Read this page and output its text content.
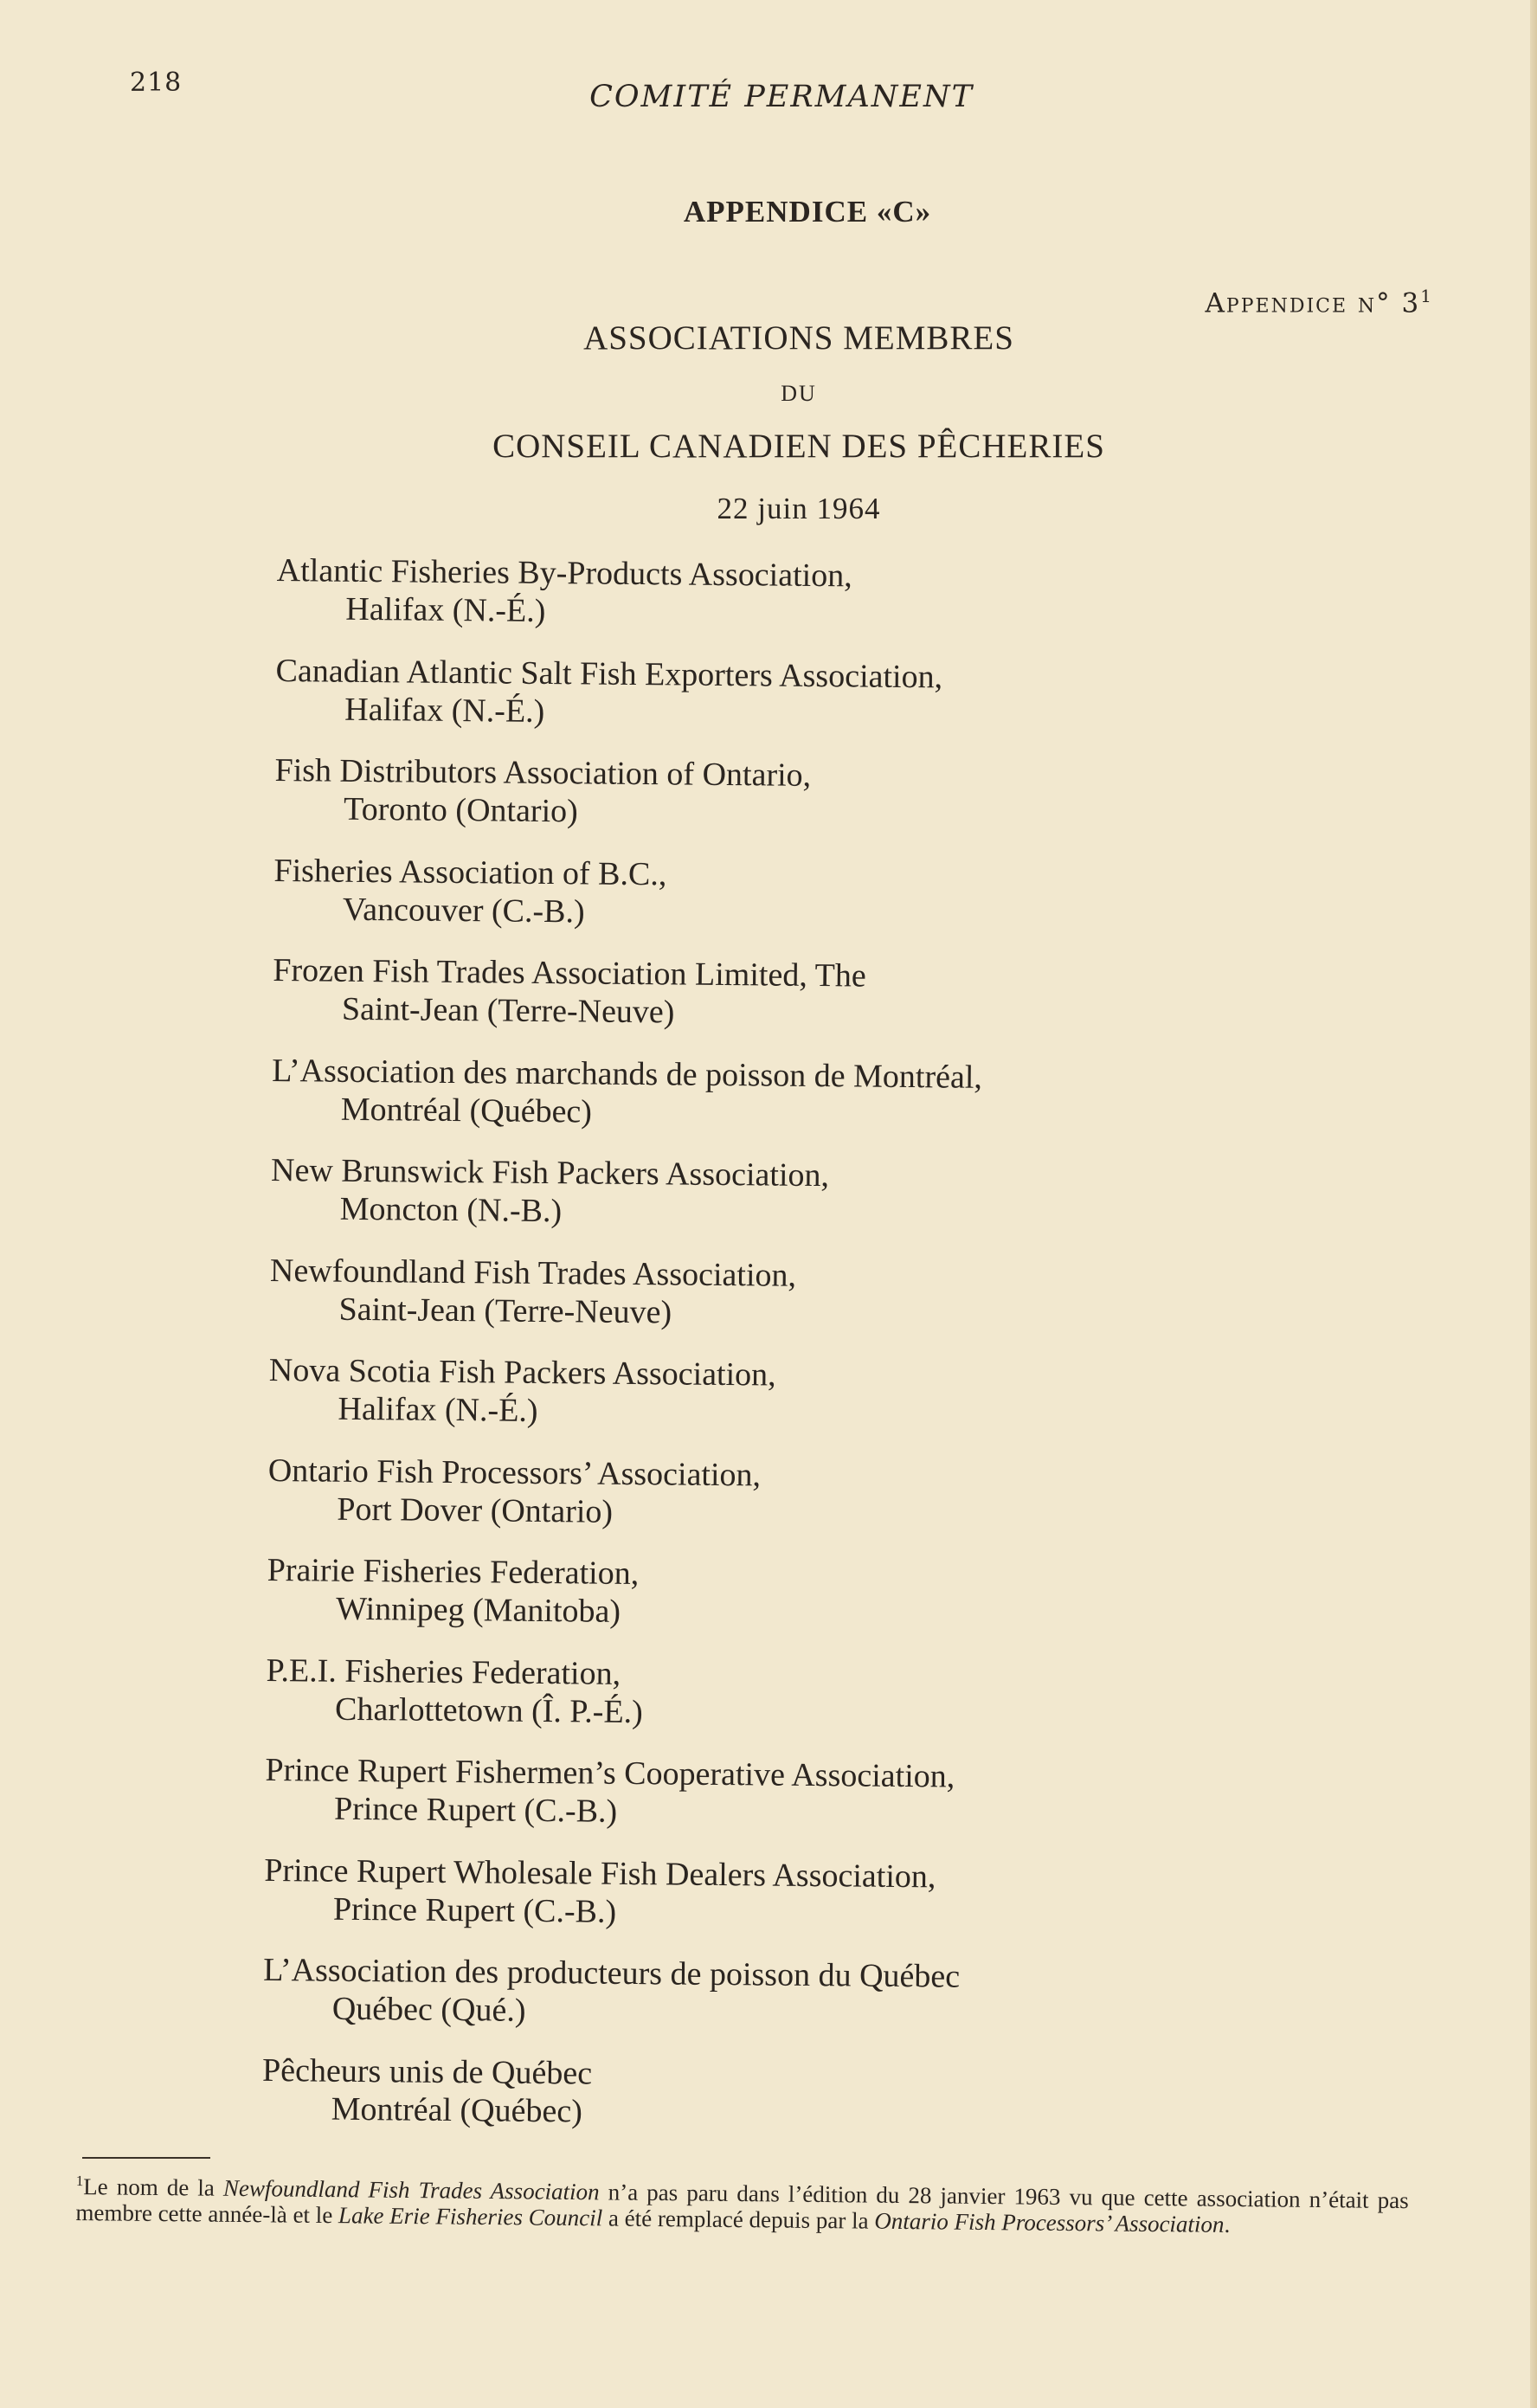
218	COMITÉ PERMANENT
APPENDICE «C»
Appendice n° $3^1$
ASSOCIATIONS MEMBRES
DU
CONSEIL CANADIEN DES PÊCHERIES
22 juin 1964
Atlantic Fisheries By-Products Association,
Halifax (N.-É.)
Canadian Atlantic Salt Fish Exporters Association,
Halifax (N.-É.)
Fish Distributors Association of Ontario,
Toronto (Ontario)
Fisheries Association of B.C.,
Vancouver (C.-B.)
Frozen Fish Trades Association Limited, The
Saint-Jean (Terre-Neuve)
L’Association des marchands de poisson de Montréal,
Montréal (Québec)
New Brunswick Fish Packers Association,
Moncton (N.-B.)
Newfoundland Fish Trades Association,
Saint-Jean (Terre-Neuve)
Nova Scotia Fish Packers Association,
Halifax (N.-É.)
Ontario Fish Processors’ Association,
Port Dover (Ontario)
Prairie Fisheries Federation,
Winnipeg (Manitoba)
P.E.I. Fisheries Federation,
Charlottetown (Î. P.-É.)
Prince Rupert Fishermen’s Cooperative Association,
Prince Rupert (C.-B.)
Prince Rupert Wholesale Fish Dealers Association,
Prince Rupert (C.-B.)
L’Association des producteurs de poisson du Québec
Québec (Qué.)
Pêcheurs unis de Québec
Montréal (Québec)
$^1$Le nom de la Newfoundland Fish Trades Association n’a pas paru dans l’édition du 28 janvier 1963 vu que cette association n’était pas membre cette année-là et le Lake Erie Fisheries Council a été remplacé depuis par la Ontario Fish Processors’ Association.
